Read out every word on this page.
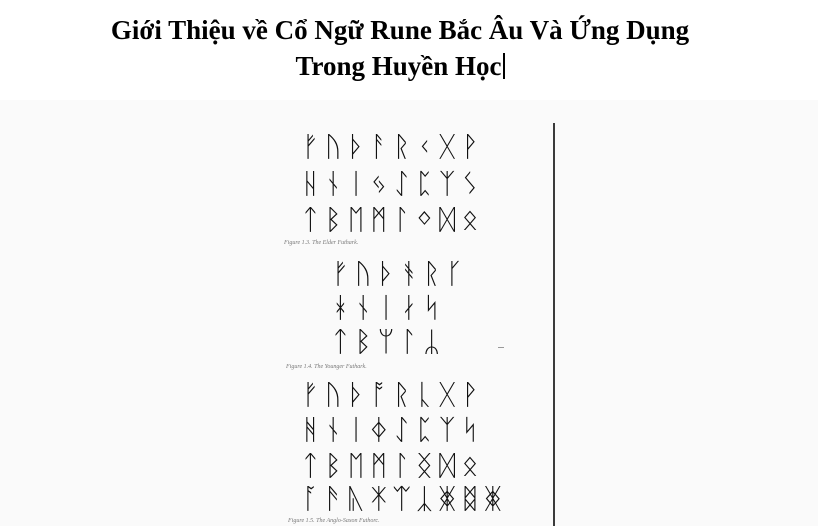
Giới Thiệu về Cổ Ngữ Rune Bắc Âu Và Ứng Dụng
Trong Huyền Học
ᚠᚢᚦᚨᚱᚲᚷᚹ
ᚺᚾᛁᛃᛇᛈᛉᛊ
ᛏᛒᛖᛗᛚᛜᛞᛟ
Figure 1.3. The Elder Futhark.
ᚠᚢᚦᚬᚱᚴ
ᚼᚾᛁᛅᛋ
ᛏᛒᛘᛚᛦ
Figure 1.4. The Younger Futhark.
ᚠᚢᚦᚩᚱᚳᚷᚹ
ᚻᚾᛁᛄᛇᛈᛉᛋ
ᛏᛒᛖᛗᛚᛝᛞᛟ
ᚪᚫᚣᛡᛠᛣᛤᛥᛤ
Figure 1.5. The Anglo-Saxon Futhorc.
